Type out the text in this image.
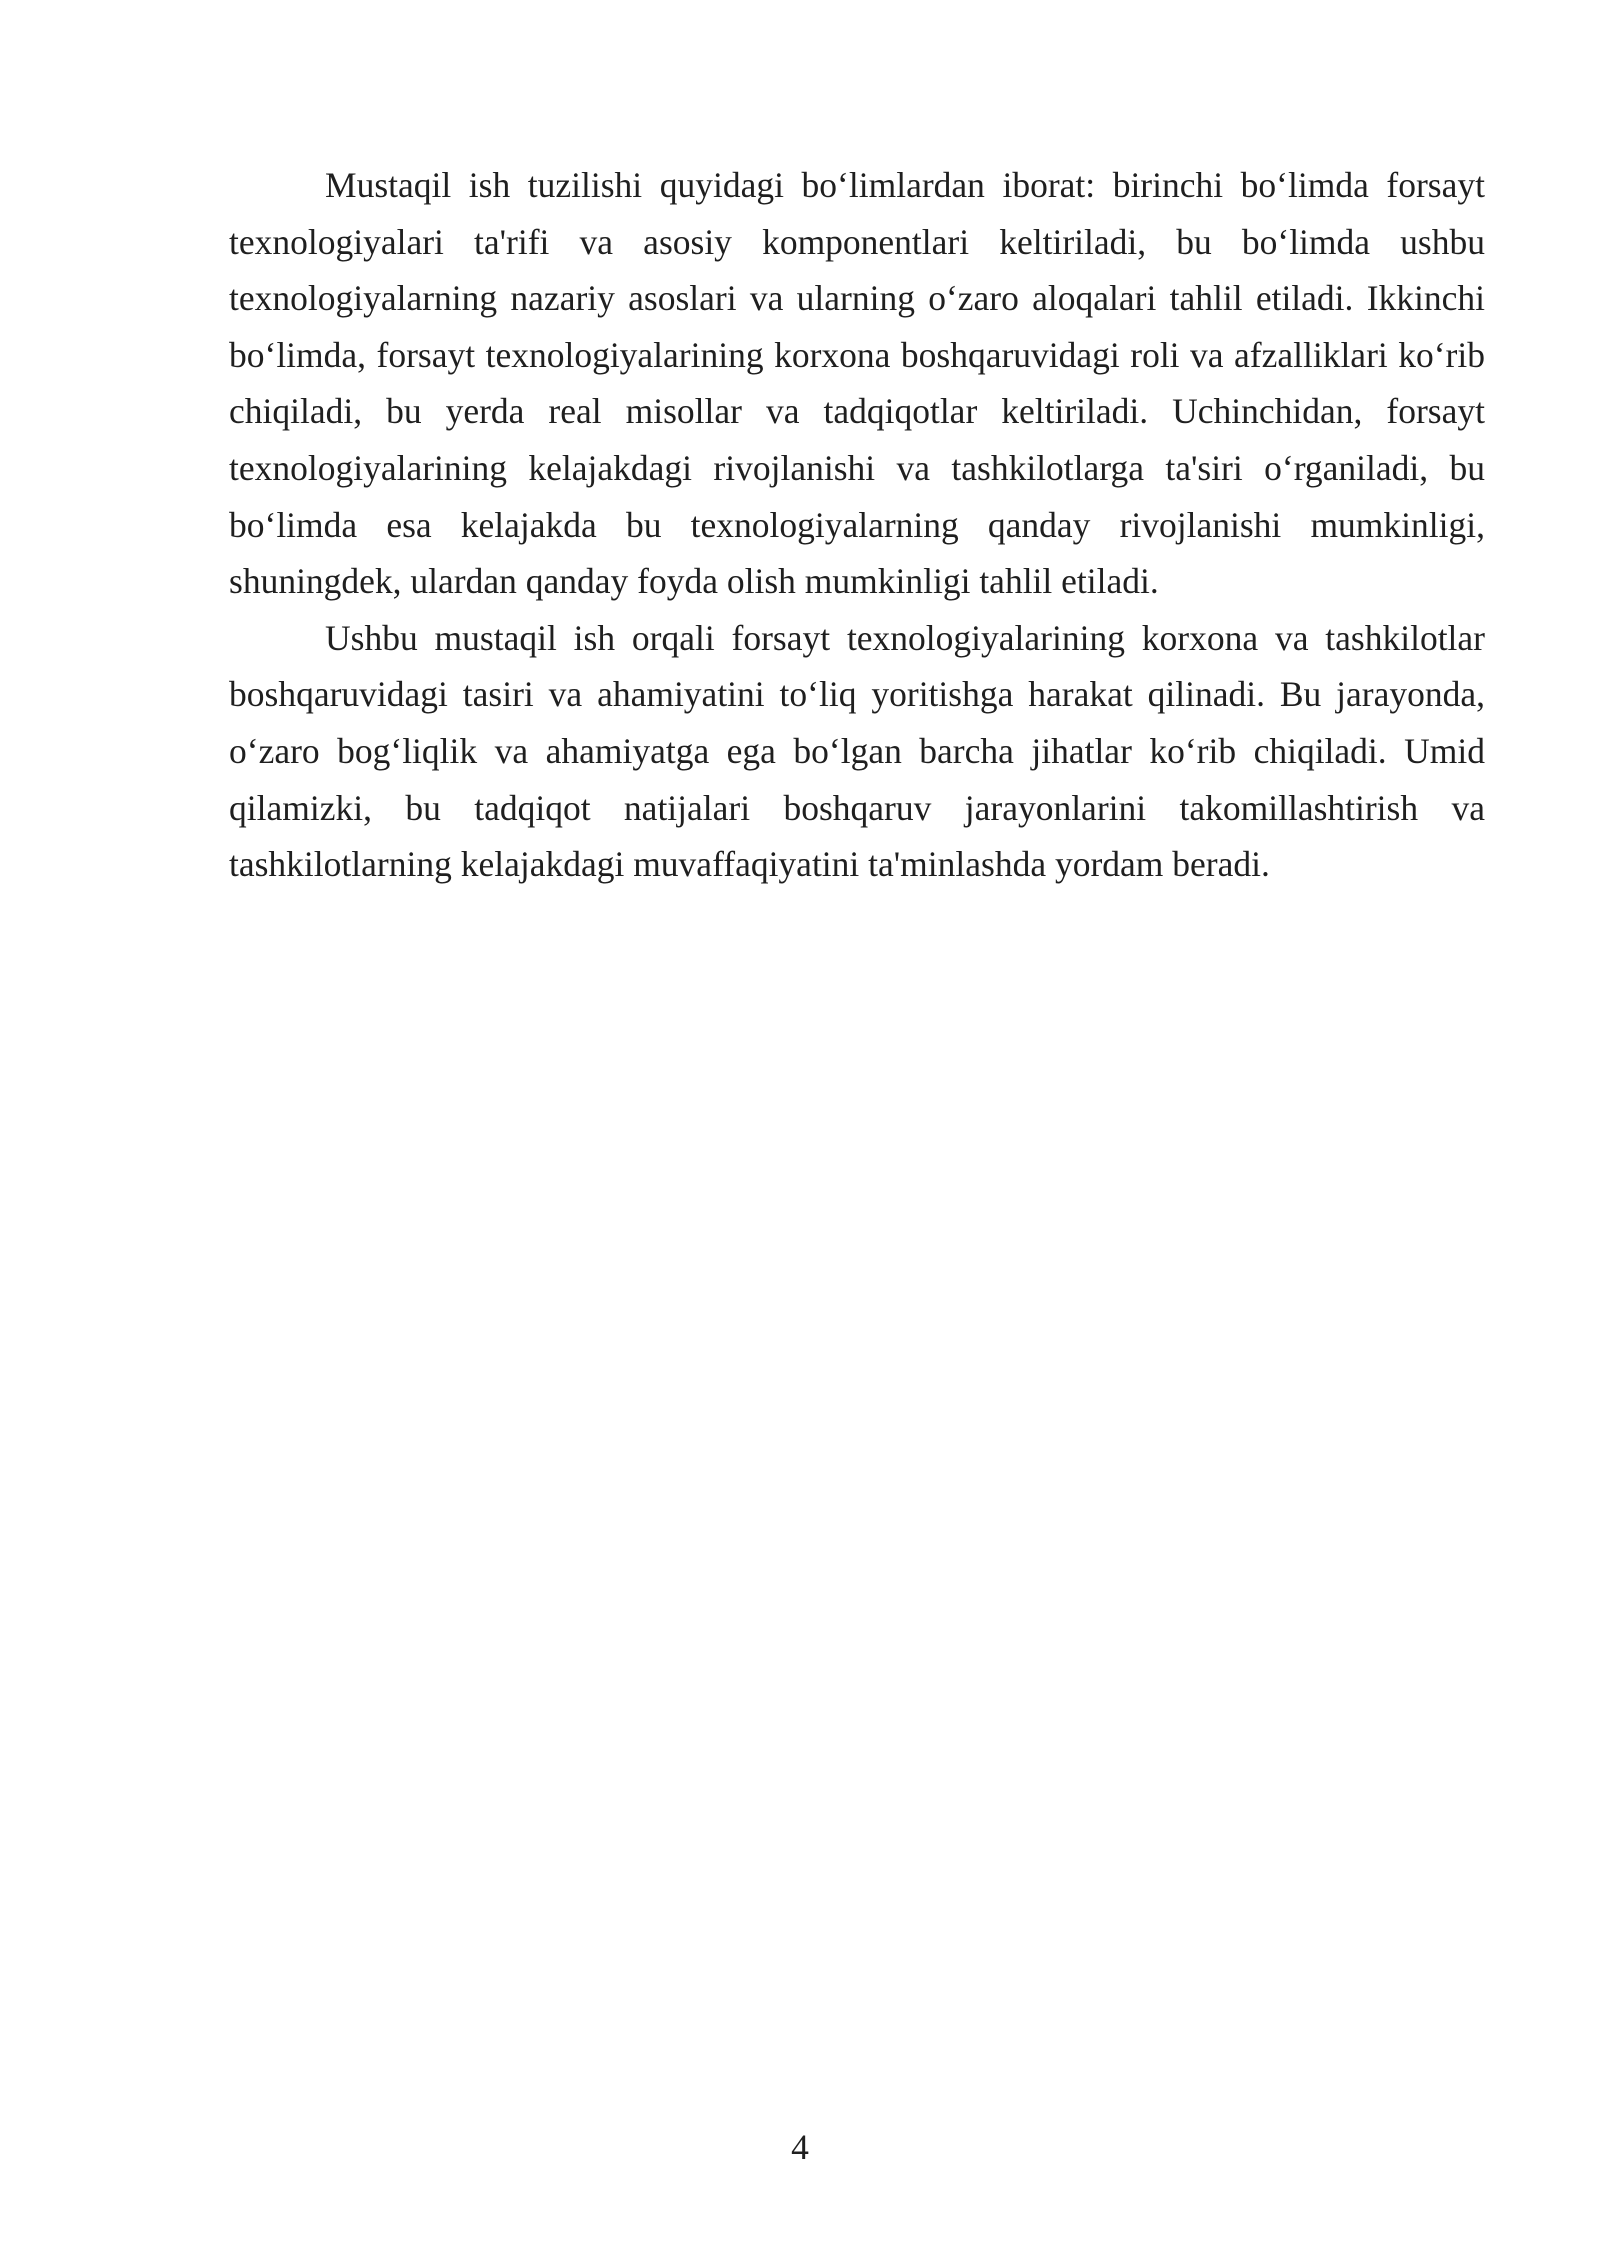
Mustaqil ish tuzilishi quyidagi bo‘limlardan iborat: birinchi bo‘limda forsayt texnologiyalari ta'rifi va asosiy komponentlari keltiriladi, bu bo‘limda ushbu texnologiyalarning nazariy asoslari va ularning o‘zaro aloqalari tahlil etiladi. Ikkinchi bo‘limda, forsayt texnologiyalarining korxona boshqaruvidagi roli va afzalliklari ko‘rib chiqiladi, bu yerda real misollar va tadqiqotlar keltiriladi. Uchinchidan, forsayt texnologiyalarining kelajakdagi rivojlanishi va tashkilotlarga ta'siri o‘rganiladi, bu bo‘limda esa kelajakda bu texnologiyalarning qanday rivojlanishi mumkinligi, shuningdek, ulardan qanday foyda olish mumkinligi tahlil etiladi.

Ushbu mustaqil ish orqali forsayt texnologiyalarining korxona va tashkilotlar boshqaruvidagi tasiri va ahamiyatini to‘liq yoritishga harakat qilinadi. Bu jarayonda, o‘zaro bog‘liqlik va ahamiyatga ega bo‘lgan barcha jihatlar ko‘rib chiqiladi. Umid qilamizki, bu tadqiqot natijalari boshqaruv jarayonlarini takomillashtirish va tashkilotlarning kelajakdagi muvaffaqiyatini ta'minlashda yordam beradi.

4
